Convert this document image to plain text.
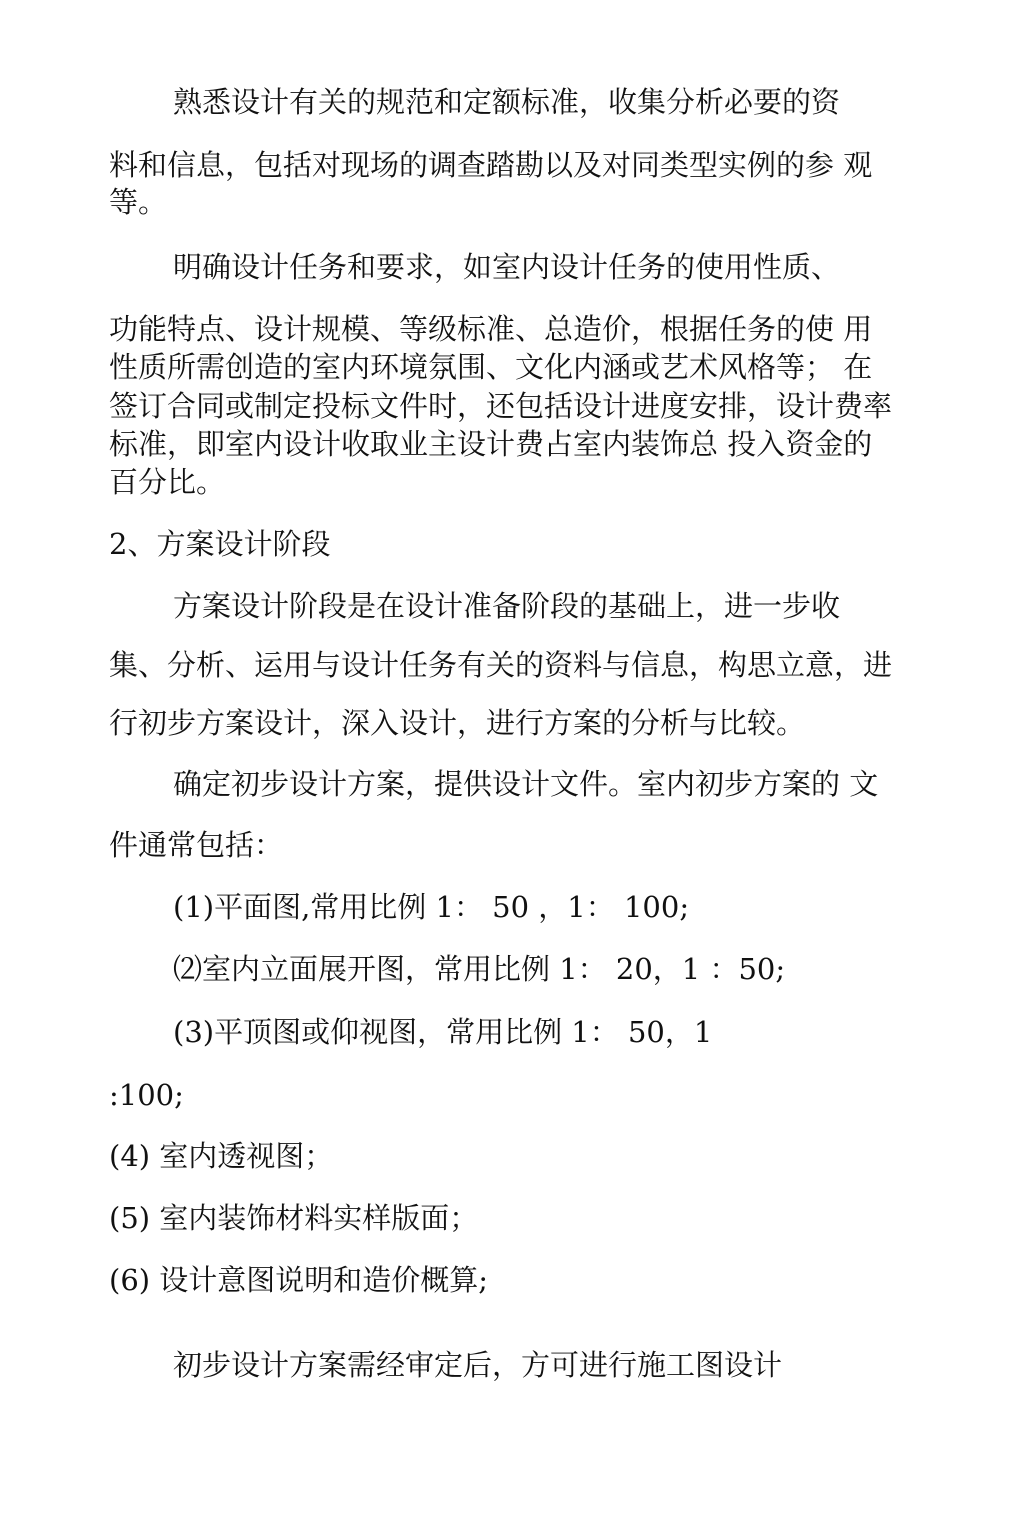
熟悉设计有关的规范和定额标准，收集分析必要的资
料和信息，包括对现场的调查踏勘以及对同类型实例的参 观
等。
明确设计任务和要求，如室内设计任务的使用性质、
功能特点、设计规模、等级标准、总造价，根据任务的使 用
性质所需创造的室内环境氛围、文化内涵或艺术风格等； 在
签订合同或制定投标文件时，还包括设计进度安排，设计费率
标准，即室内设计收取业主设计费占室内装饰总 投入资金的
百分比。
2、方案设计阶段
方案设计阶段是在设计准备阶段的基础上，进一步收
集、分析、运用与设计任务有关的资料与信息，构思立意，进
行初步方案设计，深入设计，进行方案的分析与比较。
确定初步设计方案，提供设计文件。室内初步方案的 文
件通常包括：
(1)平面图,常用比例 1： 50 ，1： 100;
⑵室内立面展开图，常用比例 1： 20，1 ：50;
(3)平顶图或仰视图，常用比例 1： 50，1
:100;
(4) 室内透视图；
(5) 室内装饰材料实样版面；
(6) 设计意图说明和造价概算;
初步设计方案需经审定后，方可进行施工图设计
